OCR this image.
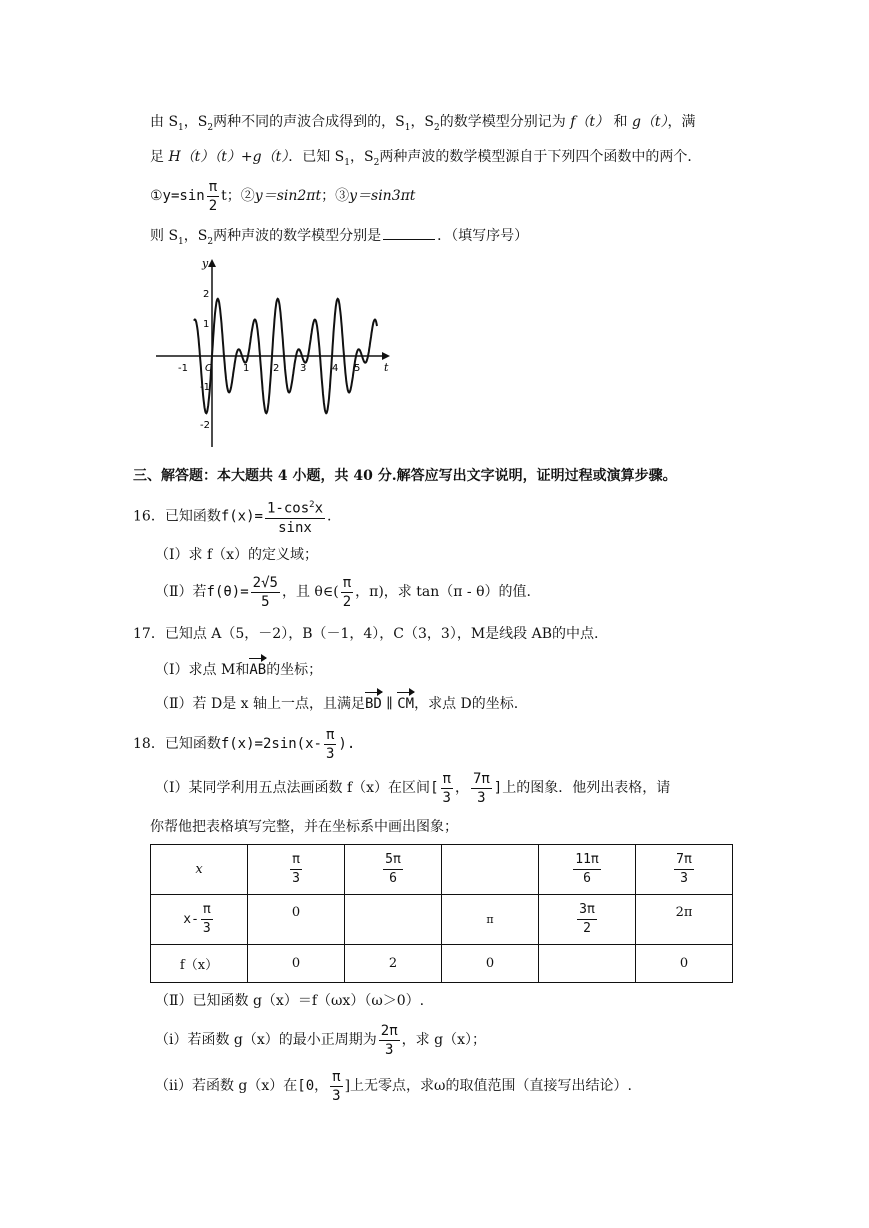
由 $S_1$，$S_2$两种不同的声波合成得到的，$S_1$，$S_2$的数学模型分别记为 f（t） 和 g（t），满
足 H（t）（t）+g（t）．已知 $S_1$，$S_2$两种声波的数学模型源自于下列四个函数中的两个．
①y=sin $\frac{\pi}{2}$ t；②y＝sin2πt；③y＝sin3πt
则 $S_1$，$S_2$两种声波的数学模型分别是	．（填写序号）
t
y
-1 O	1 2 3	4 5
2
1
-1
-2
三、解答题：本大题共 4 小题，共 40 分.解答应写出文字说明，证明过程或演算步骤。
16．已知函数$f(x)= \frac{1-\cos^2x}{\sin x}$ .
（Ⅰ）求 f（x）的定义域；
（Ⅱ）若$f(\theta)= \frac{2√5}{5}$ ，且 θ∈( $\frac{\pi}{2}$ ，π)，求 tan（π - θ）的值.
17．已知点 A（5，－2），B（－1，4），C（3，3），M是线段 AB的中点.
（Ⅰ）求点 M和AB的坐标；
（Ⅱ）若 D是 x 轴上一点，且满足BD ∥ CM，求点 D的坐标.
18．已知函数$f(x)=2\sin(x- \frac{\pi}{3}$ ).
（Ⅰ）某同学利用五点法画函数 f（x）在区间[ $\frac{\pi}{3}$ ， $\frac{7\pi}{3}$ ]上的图象．他列出表格，请
你帮他把表格填写完整，并在坐标系中画出图象；
x	$\frac{\pi}{3}$	$\frac{5\pi}{6}$		$\frac{11\pi}{6}$	$\frac{7\pi}{3}$

$x- \frac{\pi}{3}$	0		π	$\frac{3\pi}{2}$	2π
f（x）	0	2	0		0
（Ⅱ）已知函数 g（x）＝f（ωx）（ω＞0）.
（ⅰ）若函数 g（x）的最小正周期为 $\frac{2\pi}{3}$ ，求 g（x）；
（ⅱ）若函数 g（x）在[0， $\frac{\pi}{3}$ ]上无零点，求ω的取值范围（直接写出结论）.
